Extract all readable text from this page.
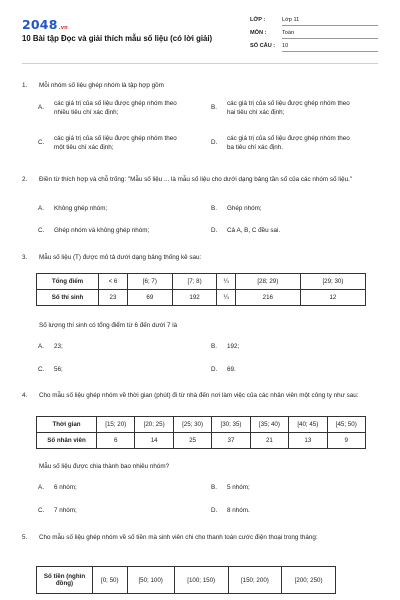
2048.vn
10 Bài tập Đọc và giải thích mẫu số liệu (có lời giải)
LỚP :	Lớp 11
MÔN :	Toán
SỐ CÂU : 10
1. Mỗi nhóm số liệu ghép nhóm là tập hợp gồm
A.
các giá trị của số liệu được ghép nhóm theo nhiều tiêu chí xác định;
B.
các giá trị của số liệu được ghép nhóm theo hai tiêu chí xác định;
C.
các giá trị của số liệu được ghép nhóm theo một tiêu chí xác định;
D.
các giá trị của số liệu được ghép nhóm theo ba tiêu chí xác định.
2. Điền từ thích hợp và chỗ trống: "Mẫu số liệu ... là mẫu số liệu cho dưới dạng bảng tần số của các nhóm số liệu."
A. Không ghép nhóm;	B. Ghép nhóm;
C. Ghép nhóm và không ghép nhóm;	D. Cả A, B, C đều sai.
3. Mẫu số liệu (T) được mô tả dưới dạng bảng thống kê sau:
Tổng điểm	< 6	[6; 7)	[7; 8)	¼	[28; 29)	[29; 30)
Số thí sinh	23	69	192	¼	216	12
Số lượng thí sinh có tổng điểm từ 6 đến dưới 7 là
A. 23;	B. 192;
C. 56;	D. 69.
4. Cho mẫu số liệu ghép nhóm về thời gian (phút) đi từ nhà đến nơi làm việc của các nhân viên một công ty như sau:
Thời gian	[15; 20)	[20; 25)	[25; 30)	[30; 35)	[35; 40)	[40; 45)	[45; 50)
Số nhân viên	6	14	25	37	21	13	9
Mẫu số liệu được chia thành bao nhiêu nhóm?
A. 6 nhóm;	B. 5 nhóm;
C. 7 nhóm;	D. 8 nhóm.
5. Cho mẫu số liệu ghép nhóm về số tiền mà sinh viên chi cho thanh toán cước điện thoại trong tháng:
Số tiền (nghìn đồng)	[0; 50)	[50; 100)	[100; 150)	[150; 200)	[200; 250)
